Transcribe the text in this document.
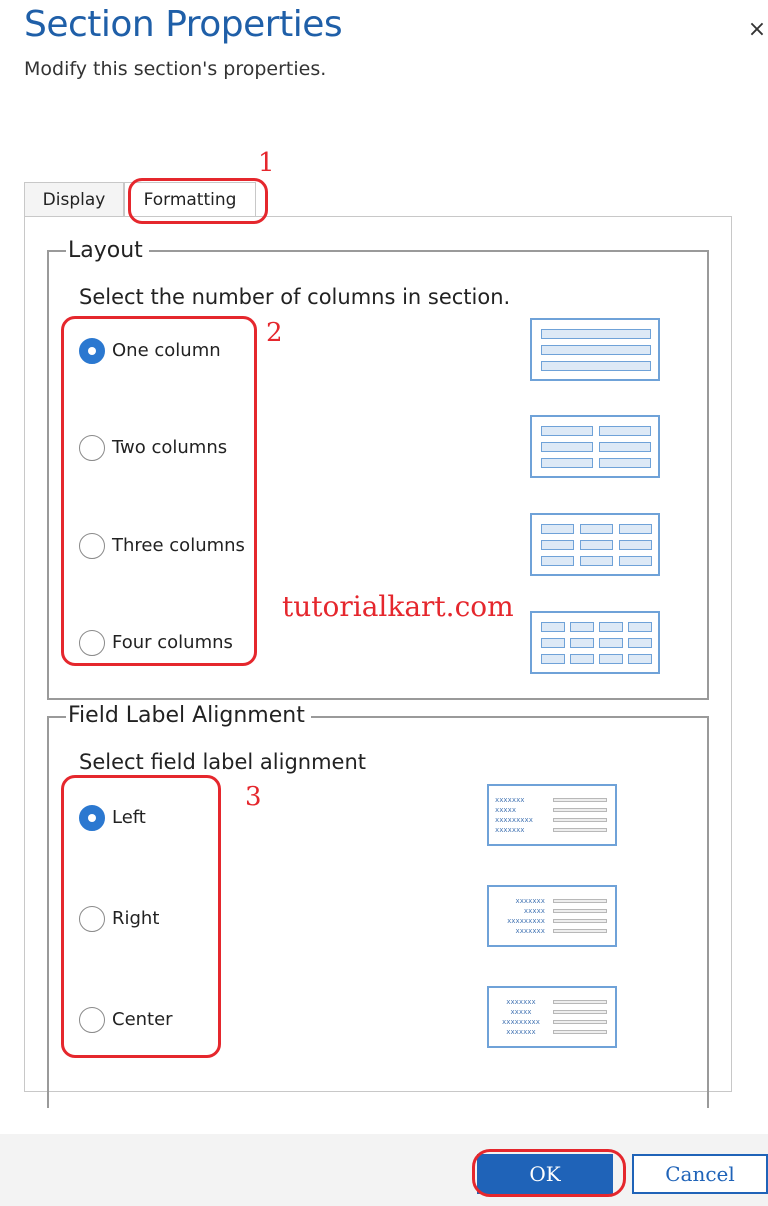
Section Properties
Modify this section's properties.
×
Display	Formatting
Layout
Select the number of columns in section.
One column
Two columns
Three columns
Four columns
Field Label Alignment
Select field label alignment
Left
Right
Center
xxxxxxx
xxxxx
xxxxxxxxx
xxxxxxx
xxxxxxx
xxxxx
xxxxxxxxx
xxxxxxx
xxxxxxx
xxxxx
xxxxxxxxx
xxxxxxx
1
2
3
tutorialkart.com
OK	Cancel
